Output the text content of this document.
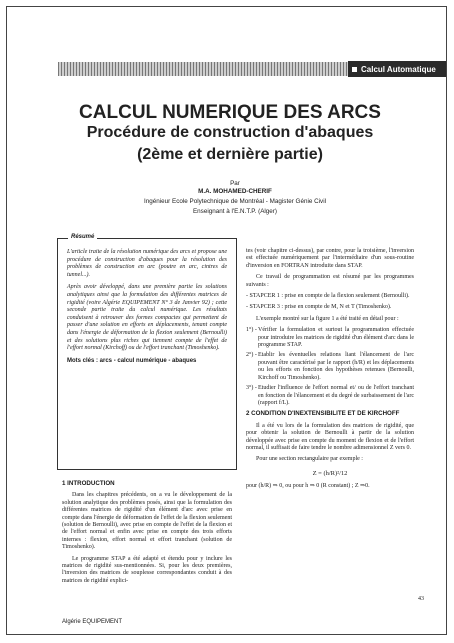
Calcul Automatique
CALCUL NUMERIQUE DES ARCS
Procédure de construction d'abaques
(2ème et dernière partie)
Par
M.A. MOHAMED-CHERIF
Ingénieur Ecole Polytechnique de Montréal - Magister Génie Civil
Enseignant à l'E.N.T.P. (Alger)
Résumé

L'article traite de la résolution numérique des arcs et propose une procédure de construction d'abaques pour la résolution des problèmes de construction en arc (poutre en arc, cintres de tunnel...).

Après avoir développé, dans une première partie les solutions analytiques ainsi que la formulation des différentes matrices de rigidité (voire Algérie EQUIPEMENT N° 3 de Janvier 92) ; cette seconde partie traite du calcul numérique. Les résultats conduisent à retrouver des formes compactes qui permettent de passer d'une solution en efforts en déplacements, tenant compte dans l'énergie de déformation de la flexion seulement (Bernoulli) et des solutions plus riches qui tiennent compte de l'effet de l'effort normal (Kirchoff) ou de l'effort tranchant (Timoshenko).

Mots clés : arcs - calcul numérique - abaques
1 INTRODUCTION

Dans les chapitres précédents, on a vu le développement de la solution analytique des problèmes posés, ainsi que la formulation des différentes matrices de rigidité d'un élément d'arc avec prise en compte dans l'énergie de déformation de l'effet de la flexion seulement (solution de Bernoulli), avec prise en compte de l'effet de la flexion et de l'effort normal et enfin avec prise en compte des trois efforts internes : flexion, effort normal et effort tranchant (solution de Timoshenko).

Le programme STAP a été adapté et étendu pour y inclure les matrices de rigidité sus-mentionnées. Si, pour les deux premières, l'inversion des matrices de souplesse correspondantes conduit à des matrices de rigidité explici-

tes (voir chapitre ci-dessus), par contre, pour la troisième, l'inversion est effectuée numériquement par l'intermédiaire d'un sous-routine d'inversion en FORTRAN introduite dans STAP.

Ce travail de programmation est résumé par les programmes suivants :

- STAPCER 1 : prise en compte de la flexion seulement (Bernoulli).

- STAPCER 3 : prise en compte de M, N et T (Timoshenko).

L'exemple montré sur la figure 1 a été traité en détail pour :

1°) - Vérifier la formulation et surtout la programmation effectuée pour introduire les matrices de rigidité d'un élément d'arc dans le programme STAP.
2°) - Etablir les éventuelles relations liant l'élancement de l'arc pouvant être caractérisé par le rapport (h/R) et les déplacements ou les efforts en fonction des hypothèses retenues (Bernoulli, Kirchoff ou Timoshenko).
3°) - Etudier l'influence de l'effort normal et/ ou de l'effort tranchant en fonction de l'élancement et du degré de surbaissement de l'arc (rapport f/L).
2 CONDITION D'INEXTENSIBILITE ET DE KIRCHOFF

Il a été vu lors de la formulation des matrices de rigidité, que pour obtenir la solution de Bernoulli à partir de la solution développée avec prise en compte du moment de flexion et de l'effort normal, il suffisait de faire tendre le nombre adimensionnel Z vers 0.

Pour une section rectangulaire par exemple :

Z = (h/R)²/12

pour (h/R) ⇒ 0, ou pour h ⇒ 0 (R constant) ; Z ⇒0.

Algérie EQUIPEMENT
43
